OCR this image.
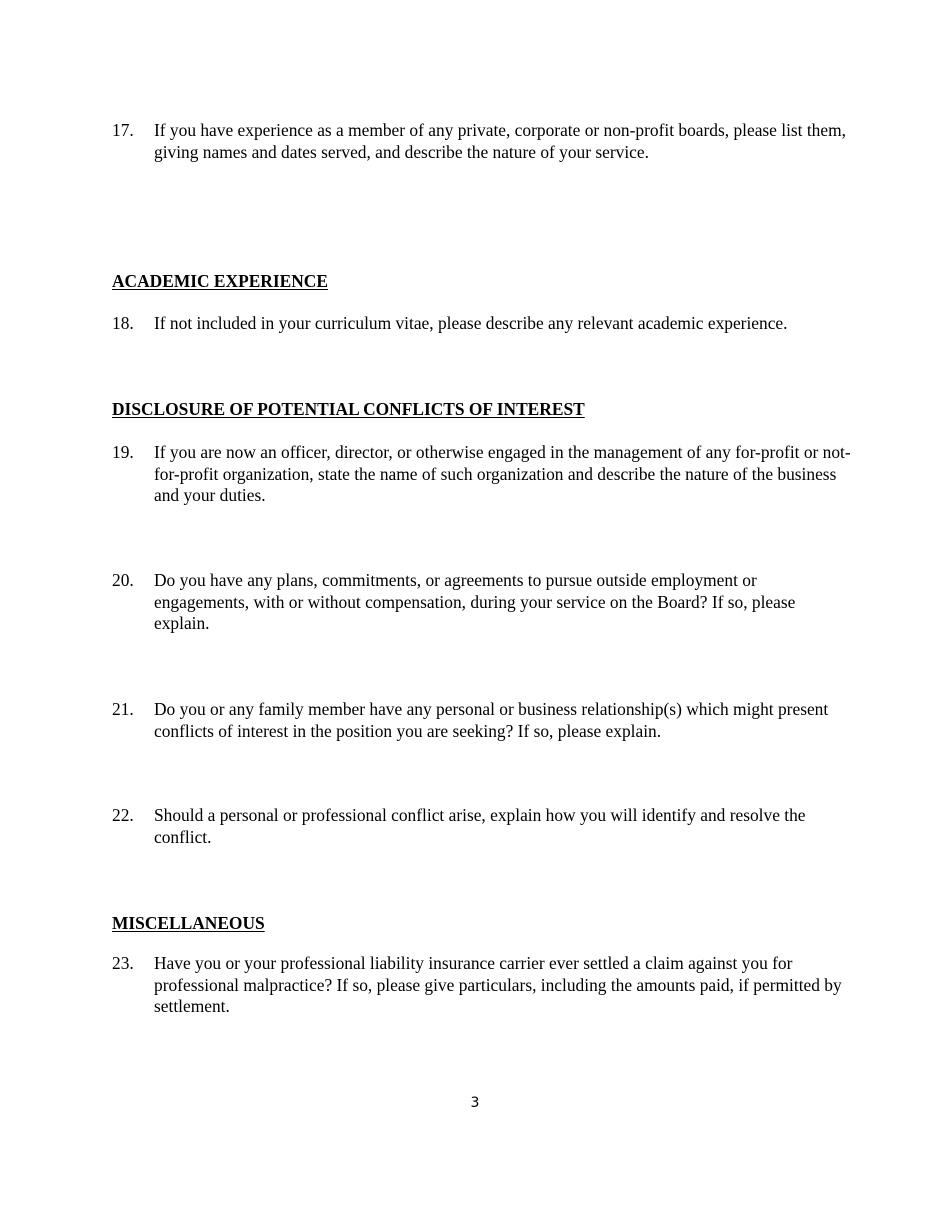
17. If you have experience as a member of any private, corporate or non-profit boards, please list them, giving names and dates served, and describe the nature of your service.
ACADEMIC EXPERIENCE
18. If not included in your curriculum vitae, please describe any relevant academic experience.
DISCLOSURE OF POTENTIAL CONFLICTS OF INTEREST
19. If you are now an officer, director, or otherwise engaged in the management of any for-profit or not-for-profit organization, state the name of such organization and describe the nature of the business and your duties.
20. Do you have any plans, commitments, or agreements to pursue outside employment or engagements, with or without compensation, during your service on the Board? If so, please explain.
21. Do you or any family member have any personal or business relationship(s) which might present conflicts of interest in the position you are seeking? If so, please explain.
22. Should a personal or professional conflict arise, explain how you will identify and resolve the conflict.
MISCELLANEOUS
23. Have you or your professional liability insurance carrier ever settled a claim against you for professional malpractice? If so, please give particulars, including the amounts paid, if permitted by settlement.
3
